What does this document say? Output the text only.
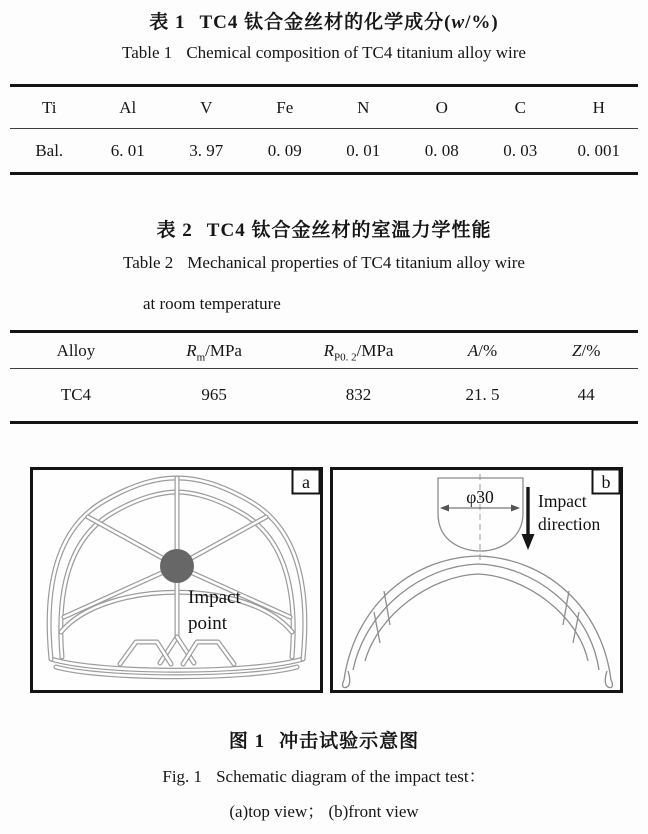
表 1 TC4 钛合金丝材的化学成分(w/%)
Table 1 Chemical composition of TC4 titanium alloy wire
Ti	Al	V	Fe	N	O	C	H
Bal.	6. 01	3. 97	0. 09	0. 01	0. 08	0. 03	0. 001
表 2 TC4 钛合金丝材的室温力学性能
Table 2 Mechanical properties of TC4 titanium alloy wire
at room temperature
Alloy	$R_m$/MPa	$R_{P0. 2}$/MPa	A/%	Z/%
TC4	965	832	21. 5	44
Impact
point
a
φ30	Impact
direction
b
图 1 冲击试验示意图
Fig. 1 Schematic diagram of the impact test：
(a)top view； (b)front view
